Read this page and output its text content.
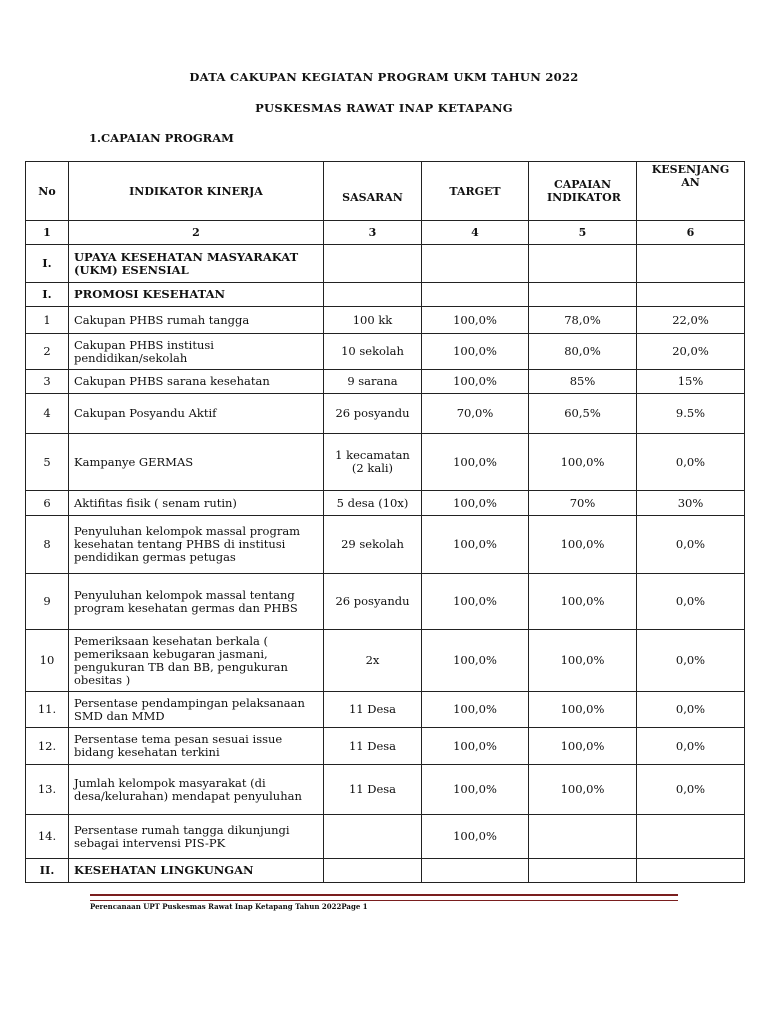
DATA CAKUPAN KEGIATAN PROGRAM UKM TAHUN 2022
PUSKESMAS RAWAT INAP KETAPANG
1.CAPAIAN PROGRAM
No	INDIKATOR KINERJA	SASARAN	TARGET	CAPAIAN INDIKATOR	KESENJANG AN
1	2	3	4	5	6
I.	UPAYA KESEHATAN MASYARAKAT (UKM) ESENSIAL				
I.	PROMOSI KESEHATAN				
1	Cakupan PHBS rumah tangga	100 kk	100,0%	78,0%	22,0%
2	Cakupan PHBS institusi pendidikan/sekolah	10 sekolah	100,0%	80,0%	20,0%
3	Cakupan PHBS sarana kesehatan	9 sarana	100,0%	85%	15%
4	Cakupan Posyandu Aktif	26 posyandu	70,0%	60,5%	9.5%
5	Kampanye GERMAS	1 kecamatan (2 kali)	100,0%	100,0%	0,0%
6	Aktifitas fisik ( senam rutin)	5 desa (10x)	100,0%	70%	30%
8	Penyuluhan kelompok massal program kesehatan tentang PHBS di institusi pendidikan germas petugas	29 sekolah	100,0%	100,0%	0,0%
9	Penyuluhan kelompok massal tentang program kesehatan germas dan PHBS	26 posyandu	100,0%	100,0%	0,0%
10	Pemeriksaan kesehatan berkala ( pemeriksaan kebugaran jasmani, pengukuran TB dan BB, pengukuran obesitas )	2x	100,0%	100,0%	0,0%
11.	Persentase pendampingan pelaksanaan SMD dan MMD	11 Desa	100,0%	100,0%	0,0%
12.	Persentase tema pesan sesuai issue bidang kesehatan terkini	11 Desa	100,0%	100,0%	0,0%
13.	Jumlah kelompok masyarakat (di desa/kelurahan) mendapat penyuluhan	11 Desa	100,0%	100,0%	0,0%
14.	Persentase rumah tangga dikunjungi sebagai intervensi PIS-PK		100,0%		
II.	KESEHATAN LINGKUNGAN				
Perencanaan UPT Puskesmas Rawat Inap Ketapang Tahun 2022Page 1
